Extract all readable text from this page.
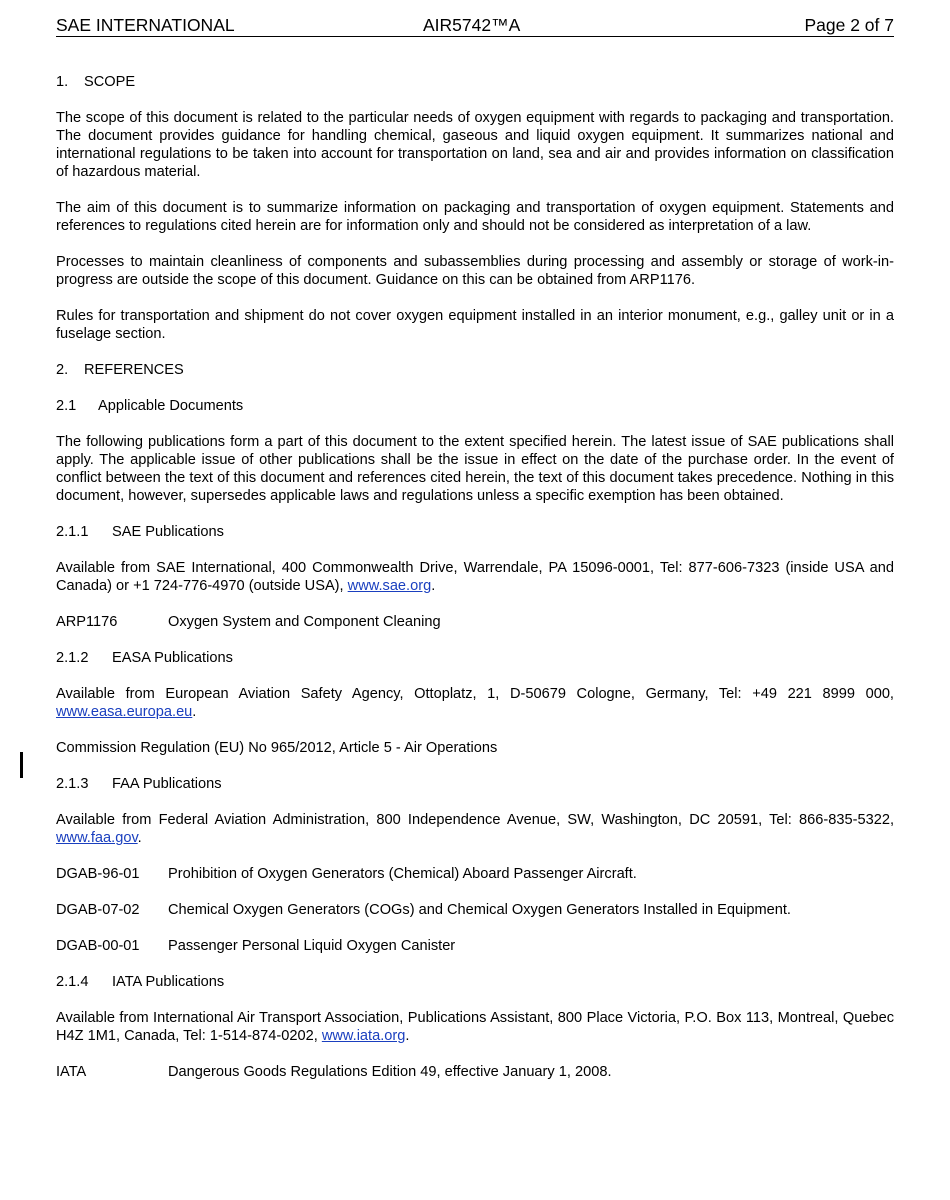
SAE INTERNATIONAL	AIR5742™A	Page 2 of 7

1. SCOPE

The scope of this document is related to the particular needs of oxygen equipment with regards to packaging and transportation. The document provides guidance for handling chemical, gaseous and liquid oxygen equipment. It summarizes national and international regulations to be taken into account for transportation on land, sea and air and provides information on classification of hazardous material.

The aim of this document is to summarize information on packaging and transportation of oxygen equipment. Statements and references to regulations cited herein are for information only and should not be considered as interpretation of a law.

Processes to maintain cleanliness of components and subassemblies during processing and assembly or storage of work-in-progress are outside the scope of this document. Guidance on this can be obtained from ARP1176.

Rules for transportation and shipment do not cover oxygen equipment installed in an interior monument, e.g., galley unit or in a fuselage section.

2. REFERENCES

2.1 Applicable Documents

The following publications form a part of this document to the extent specified herein. The latest issue of SAE publications shall apply. The applicable issue of other publications shall be the issue in effect on the date of the purchase order. In the event of conflict between the text of this document and references cited herein, the text of this document takes precedence. Nothing in this document, however, supersedes applicable laws and regulations unless a specific exemption has been obtained.

2.1.1 SAE Publications

Available from SAE International, 400 Commonwealth Drive, Warrendale, PA 15096-0001, Tel: 877-606-7323 (inside USA and Canada) or +1 724-776-4970 (outside USA), www.sae.org.

ARP1176	Oxygen System and Component Cleaning

2.1.2 EASA Publications

Available from European Aviation Safety Agency, Ottoplatz, 1, D-50679 Cologne, Germany, Tel: +49 221 8999 000, www.easa.europa.eu.

Commission Regulation (EU) No 965/2012, Article 5 - Air Operations

2.1.3 FAA Publications

Available from Federal Aviation Administration, 800 Independence Avenue, SW, Washington, DC 20591, Tel: 866-835-5322, www.faa.gov.

DGAB-96-01 Prohibition of Oxygen Generators (Chemical) Aboard Passenger Aircraft.

DGAB-07-02 Chemical Oxygen Generators (COGs) and Chemical Oxygen Generators Installed in Equipment.

DGAB-00-01 Passenger Personal Liquid Oxygen Canister

2.1.4 IATA Publications

Available from International Air Transport Association, Publications Assistant, 800 Place Victoria, P.O. Box 113, Montreal, Quebec H4Z 1M1, Canada, Tel: 1-514-874-0202, www.iata.org.

IATA	Dangerous Goods Regulations Edition 49, effective January 1, 2008.
